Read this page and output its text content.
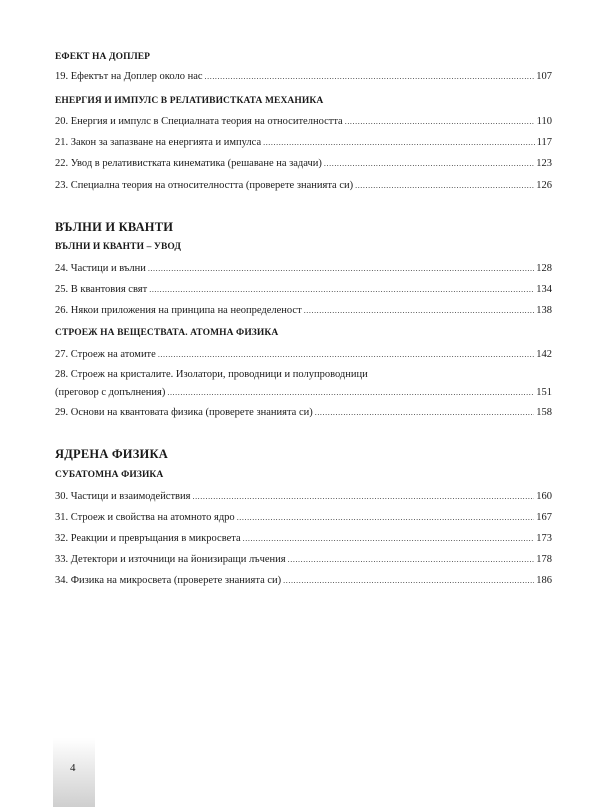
ЕФЕКТ НА ДОПЛЕР
19. Ефектът на Доплер около нас .....	107
ЕНЕРГИЯ И ИМПУЛС В РЕЛАТИВИСТКАТА МЕХАНИКА
20. Енергия и импулс в Специалната теория на относителността .....	110
21. Закон за запазване на енергията и импулса .....	117
22. Увод в релативистката кинематика (решаване на задачи) .....	123
23. Специална теория на относителността (проверете знанията си) .....	126
ВЪЛНИ И КВАНТИ
ВЪЛНИ И КВАНТИ – УВОД
24. Частици и вълни .....	128
25. В квантовия свят .....	134
26. Някои приложения на принципа на неопределеност .....	138
СТРОЕЖ НА ВЕЩЕСТВАТА. АТОМНА ФИЗИКА
27. Строеж на атомите .....	142
28. Строеж на кристалите. Изолатори, проводници и полупроводници
(преговор с допълнения) .....	151
29. Основи на квантовата физика (проверете знанията си) .....	158
ЯДРЕНА ФИЗИКА
СУБАТОМНА ФИЗИКА
30. Частици и взаимодействия .....	160
31. Строеж и свойства на атомното ядро .....	167
32. Реакции и превръщания в микросвета .....	173
33. Детектори и източници на йонизиращи лъчения .....	178
34. Физика на микросвета (проверете знанията си) .....	186
4
